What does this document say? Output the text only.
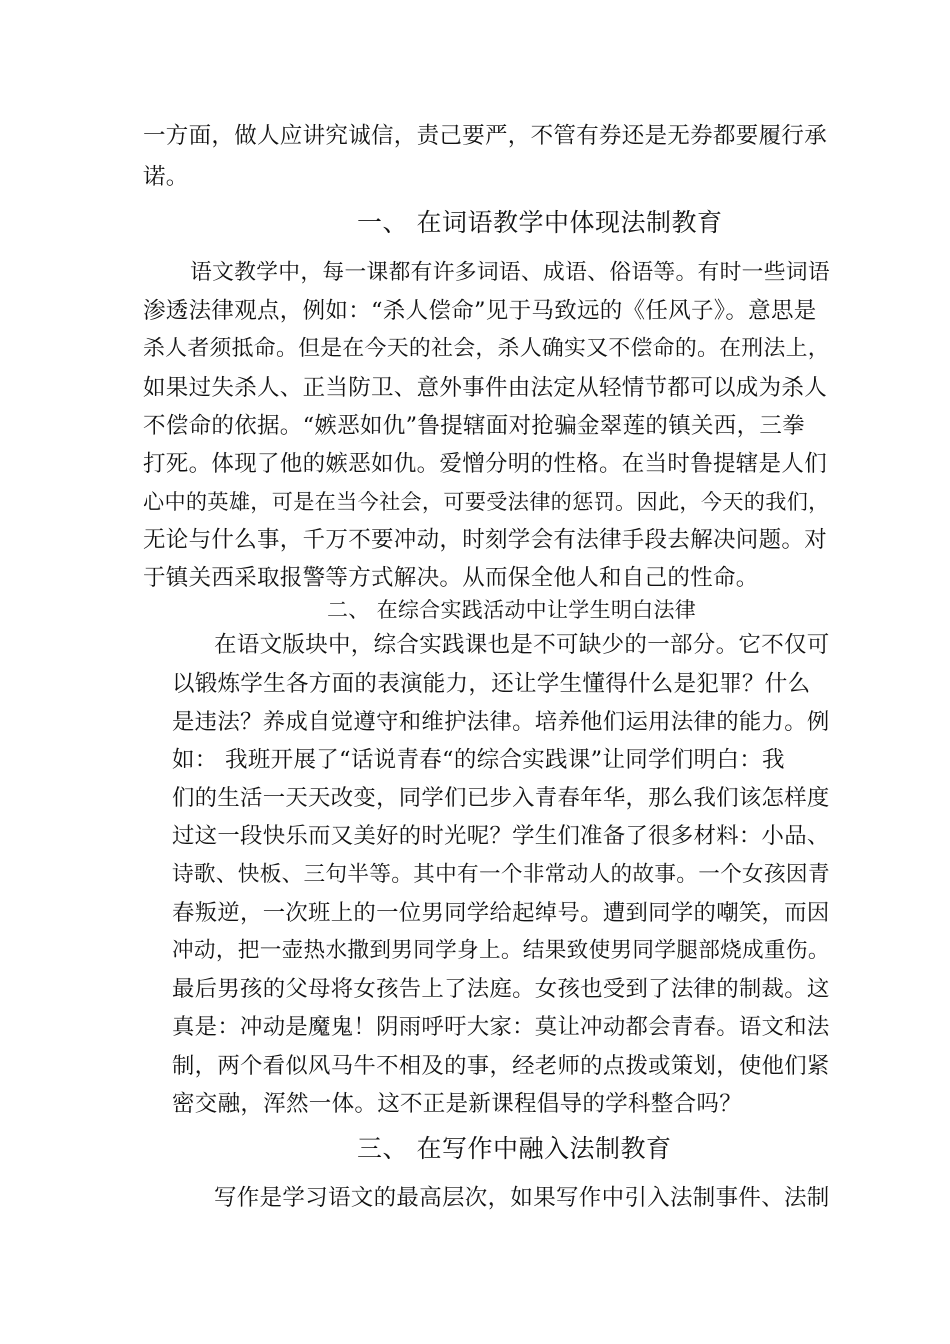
一方面，做人应讲究诚信，责己要严，不管有券还是无券都要履行承
诺。
一、 在词语教学中体现法制教育
语文教学中，每一课都有许多词语、成语、俗语等。有时一些词语
渗透法律观点，例如：“杀人偿命”见于马致远的《任风子》。意思是
杀人者须抵命。但是在今天的社会，杀人确实又不偿命的。在刑法上，
如果过失杀人、正当防卫、意外事件由法定从轻情节都可以成为杀人
不偿命的依据。“嫉恶如仇”鲁提辖面对抢骗金翠莲的镇关西，三拳
打死。体现了他的嫉恶如仇。爱憎分明的性格。在当时鲁提辖是人们
心中的英雄，可是在当今社会，可要受法律的惩罚。因此，今天的我们，
无论与什么事，千万不要冲动，时刻学会有法律手段去解决问题。对
于镇关西采取报警等方式解决。从而保全他人和自己的性命。
二、 在综合实践活动中让学生明白法律
在语文版块中，综合实践课也是不可缺少的一部分。它不仅可
以锻炼学生各方面的表演能力，还让学生懂得什么是犯罪？什么
是违法？养成自觉遵守和维护法律。培养他们运用法律的能力。例
如： 我班开展了“话说青春“的综合实践课”让同学们明白：我
们的生活一天天改变，同学们已步入青春年华，那么我们该怎样度
过这一段快乐而又美好的时光呢？学生们准备了很多材料：小品、
诗歌、快板、三句半等。其中有一个非常动人的故事。一个女孩因青
春叛逆，一次班上的一位男同学给起绰号。遭到同学的嘲笑，而因
冲动，把一壶热水撒到男同学身上。结果致使男同学腿部烧成重伤。
最后男孩的父母将女孩告上了法庭。女孩也受到了法律的制裁。这
真是：冲动是魔鬼！阴雨呼吁大家：莫让冲动都会青春。语文和法
制，两个看似风马牛不相及的事，经老师的点拨或策划，使他们紧
密交融，浑然一体。这不正是新课程倡导的学科整合吗？
三、 在写作中融入法制教育
写作是学习语文的最高层次，如果写作中引入法制事件、法制
